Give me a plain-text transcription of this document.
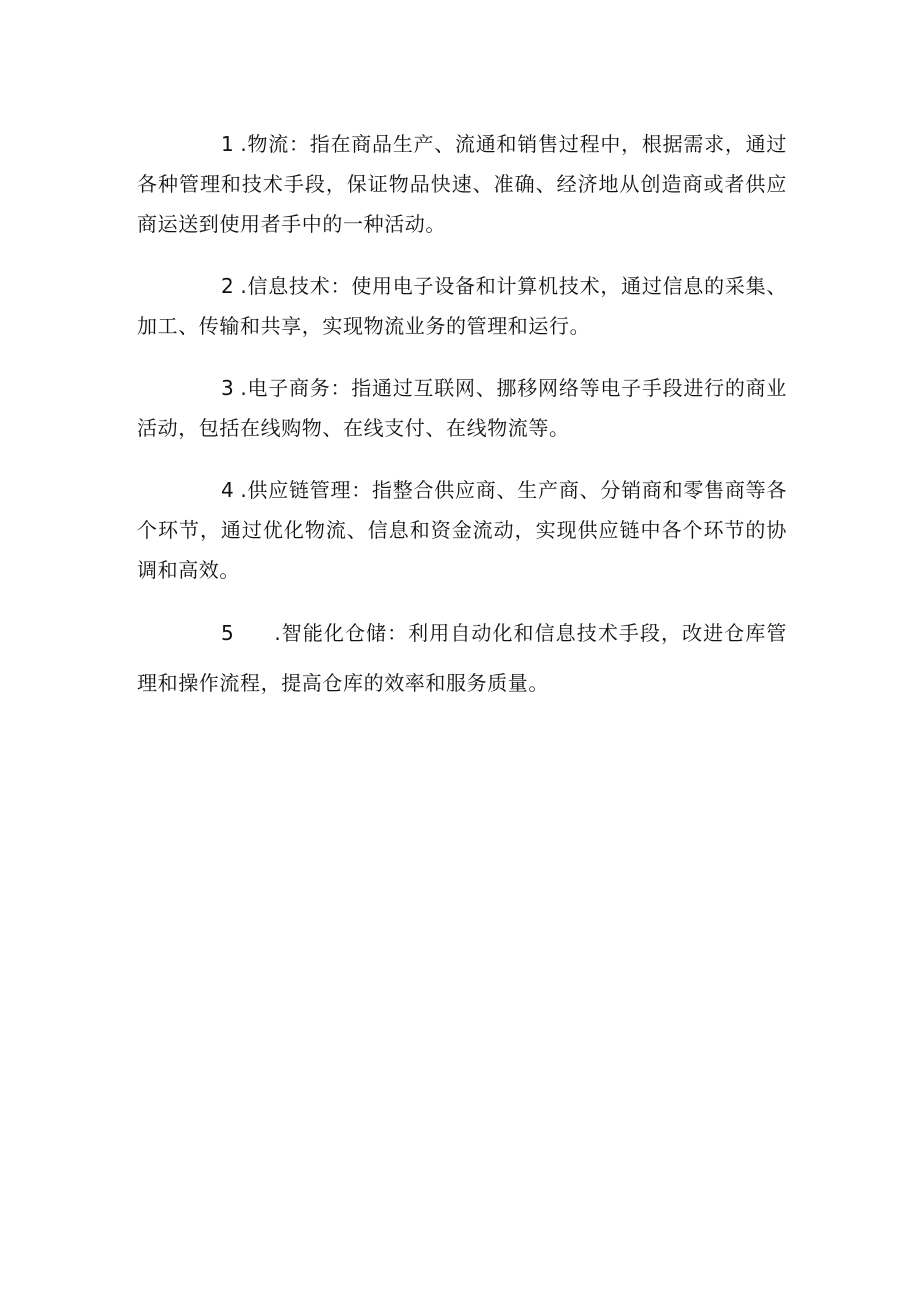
1 .物流：指在商品生产、流通和销售过程中，根据需求，通过各种管理和技术手段，保证物品快速、准确、经济地从创造商或者供应商运送到使用者手中的一种活动。

2 .信息技术：使用电子设备和计算机技术，通过信息的采集、加工、传输和共享，实现物流业务的管理和运行。

3 .电子商务：指通过互联网、挪移网络等电子手段进行的商业活动，包括在线购物、在线支付、在线物流等。

4 .供应链管理：指整合供应商、生产商、分销商和零售商等各个环节，通过优化物流、信息和资金流动，实现供应链中各个环节的协调和高效。

5 .智能化仓储：利用自动化和信息技术手段，改进仓库管理和操作流程，提高仓库的效率和服务质量。
